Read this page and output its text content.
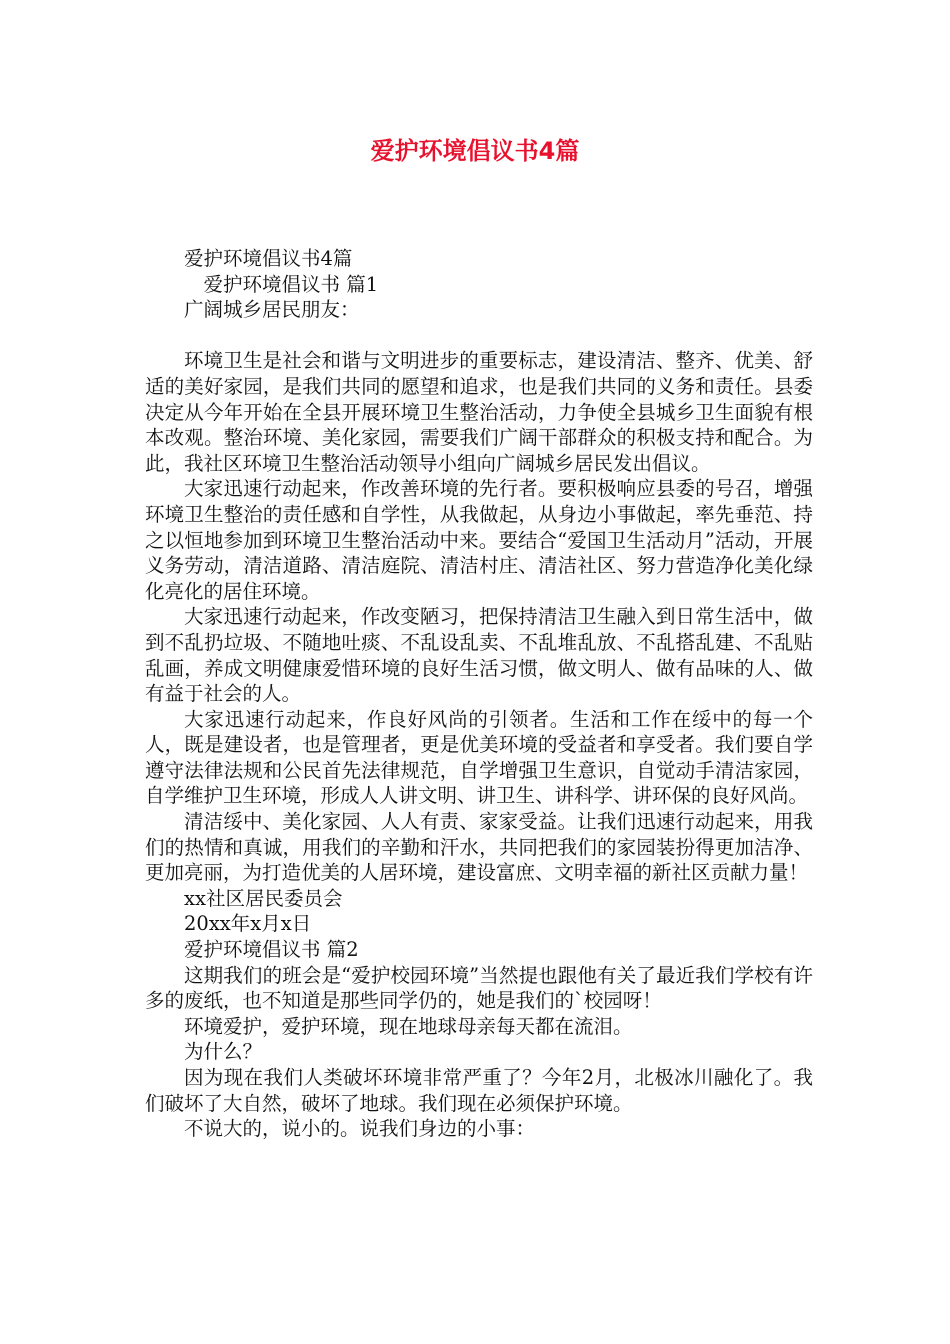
爱护环境倡议书4篇

爱护环境倡议书4篇

爱护环境倡议书 篇1

广阔城乡居民朋友：

环境卫生是社会和谐与文明进步的重要标志，建设清洁、整齐、优美、舒适的美好家园，是我们共同的愿望和追求，也是我们共同的义务和责任。县委决定从今年开始在全县开展环境卫生整治活动，力争使全县城乡卫生面貌有根本改观。整治环境、美化家园，需要我们广阔干部群众的积极支持和配合。为此，我社区环境卫生整治活动领导小组向广阔城乡居民发出倡议。

大家迅速行动起来，作改善环境的先行者。要积极响应县委的号召，增强环境卫生整治的责任感和自学性，从我做起，从身边小事做起，率先垂范、持之以恒地参加到环境卫生整治活动中来。要结合“爱国卫生活动月”活动，开展义务劳动，清洁道路、清洁庭院、清洁村庄、清洁社区、努力营造净化美化绿化亮化的居住环境。

大家迅速行动起来，作改变陋习，把保持清洁卫生融入到日常生活中，做到不乱扔垃圾、不随地吐痰、不乱设乱卖、不乱堆乱放、不乱搭乱建、不乱贴乱画，养成文明健康爱惜环境的良好生活习惯，做文明人、做有品味的人、做有益于社会的人。

大家迅速行动起来，作良好风尚的引领者。生活和工作在绥中的每一个人，既是建设者，也是管理者，更是优美环境的受益者和享受者。我们要自学遵守法律法规和公民首先法律规范，自学增强卫生意识，自觉动手清洁家园，自学维护卫生环境，形成人人讲文明、讲卫生、讲科学、讲环保的良好风尚。

清洁绥中、美化家园、人人有责、家家受益。让我们迅速行动起来，用我们的热情和真诚，用我们的辛勤和汗水，共同把我们的家园装扮得更加洁净、更加亮丽，为打造优美的人居环境，建设富庶、文明幸福的新社区贡献力量！

xx社区居民委员会

20xx年x月x日

爱护环境倡议书 篇2

这期我们的班会是“爱护校园环境”当然提也跟他有关了最近我们学校有许多的废纸，也不知道是那些同学仍的，她是我们的`校园呀！

环境爱护，爱护环境，现在地球母亲每天都在流泪。

为什么？

因为现在我们人类破坏环境非常严重了？今年2月，北极冰川融化了。我们破坏了大自然，破坏了地球。我们现在必须保护环境。

不说大的，说小的。说我们身边的小事：
